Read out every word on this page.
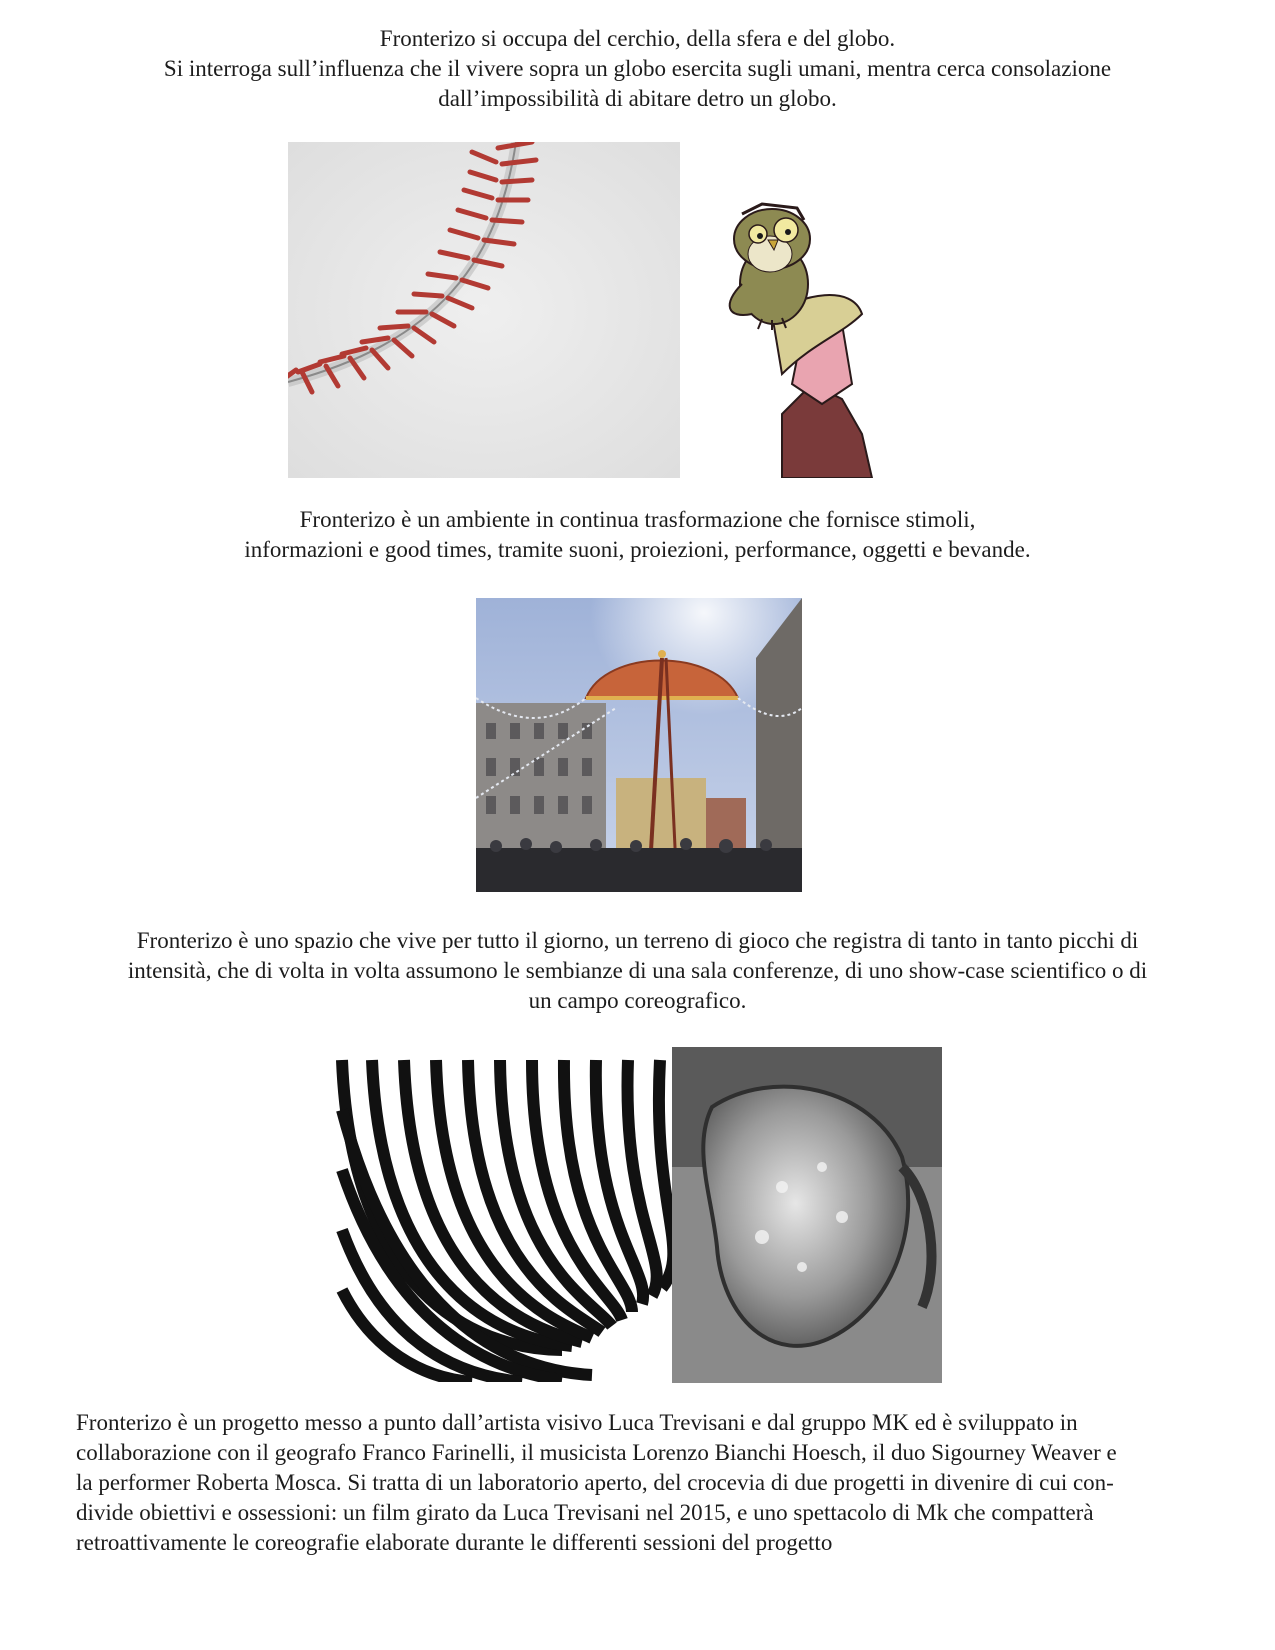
Fronterizo si occupa del cerchio, della sfera e del globo.
Si interroga sull’influenza che il vivere sopra un globo esercita sugli umani, mentra cerca consolazione
dall’impossibilità di abitare detro un globo.
Fronterizo è un ambiente in continua trasformazione che fornisce stimoli,
informazioni e good times, tramite suoni, proiezioni, performance, oggetti e bevande.
Fronterizo è uno spazio che vive per tutto il giorno, un terreno di gioco che registra di tanto in tanto picchi di
intensità, che di volta in volta assumono le sembianze di una sala conferenze, di uno show-case scientifico o di
un campo coreografico.
Fronterizo è un progetto messo a punto dall’artista visivo Luca Trevisani e dal gruppo MK ed è sviluppato in
collaborazione con il geografo Franco Farinelli, il musicista Lorenzo Bianchi Hoesch, il duo Sigourney Weaver e
la performer Roberta Mosca. Si tratta di un laboratorio aperto, del crocevia di due progetti in divenire di cui con-
divide obiettivi e ossessioni: un film girato da Luca Trevisani nel 2015, e uno spettacolo di Mk che compatterà
retroattivamente le coreografie elaborate durante le differenti sessioni del progetto
